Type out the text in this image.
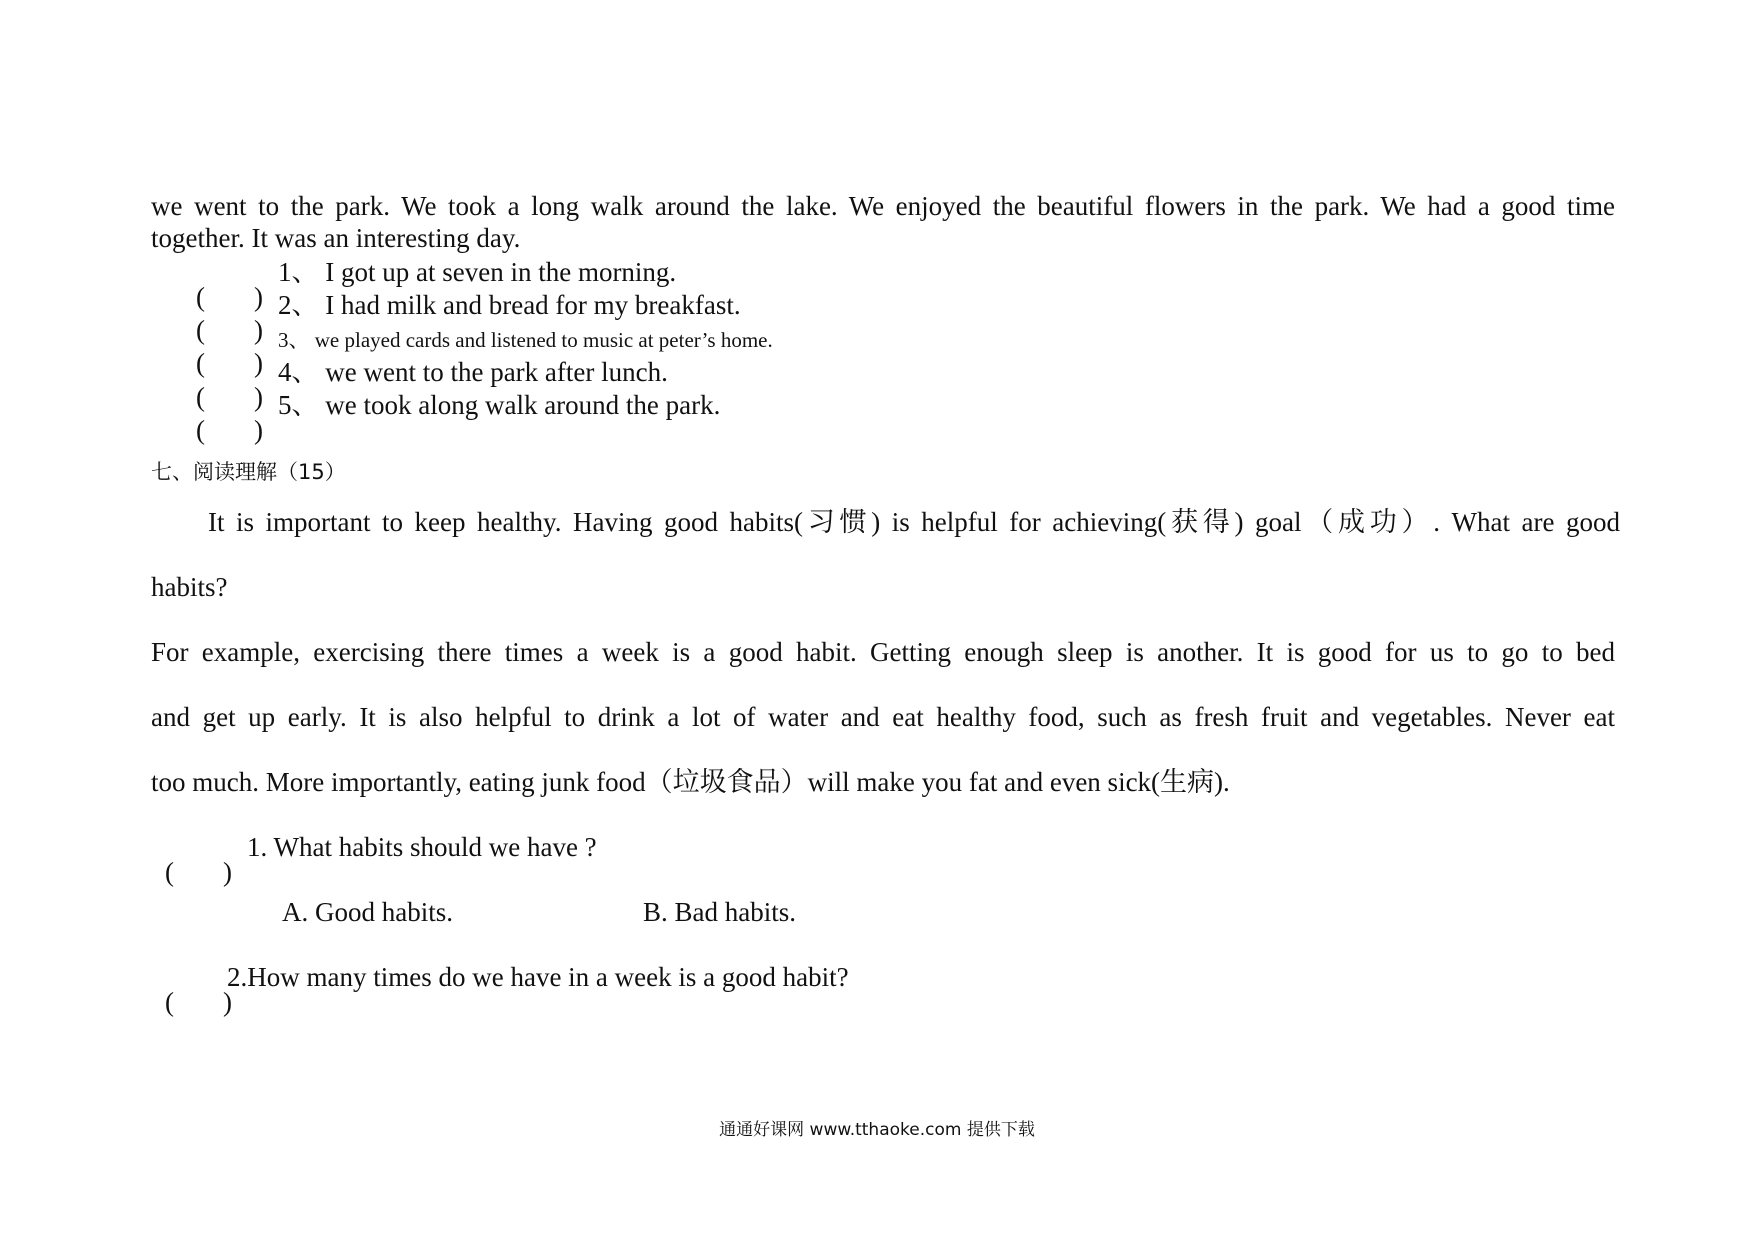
we went to the park. We took a long walk around the lake. We enjoyed the beautiful flowers in the park. We had a good time
together. It was an interesting day.
( )
1、 I got up at seven in the morning.
( )
2、 I had milk and bread for my breakfast.
( )
3、 we played cards and listened to music at peter’s home.
( )
4、 we went to the park after lunch.
( )
5、 we took along walk around the park.
七、阅读理解（15）
It is important to keep healthy. Having good habits(习惯) is helpful for achieving(获得) goal（成功）. What are good
habits?
For example, exercising there times a week is a good habit. Getting enough sleep is another. It is good for us to go to bed
and get up early. It is also helpful to drink a lot of water and eat healthy food, such as fresh fruit and vegetables. Never eat
too much. More importantly, eating junk food（垃圾食品）will make you fat and even sick(生病).
( )
1. What habits should we have ?
A. Good habits.	B. Bad habits.
( )
2.How many times do we have in a week is a good habit?
通通好课网 www.tthaoke.com 提供下载
